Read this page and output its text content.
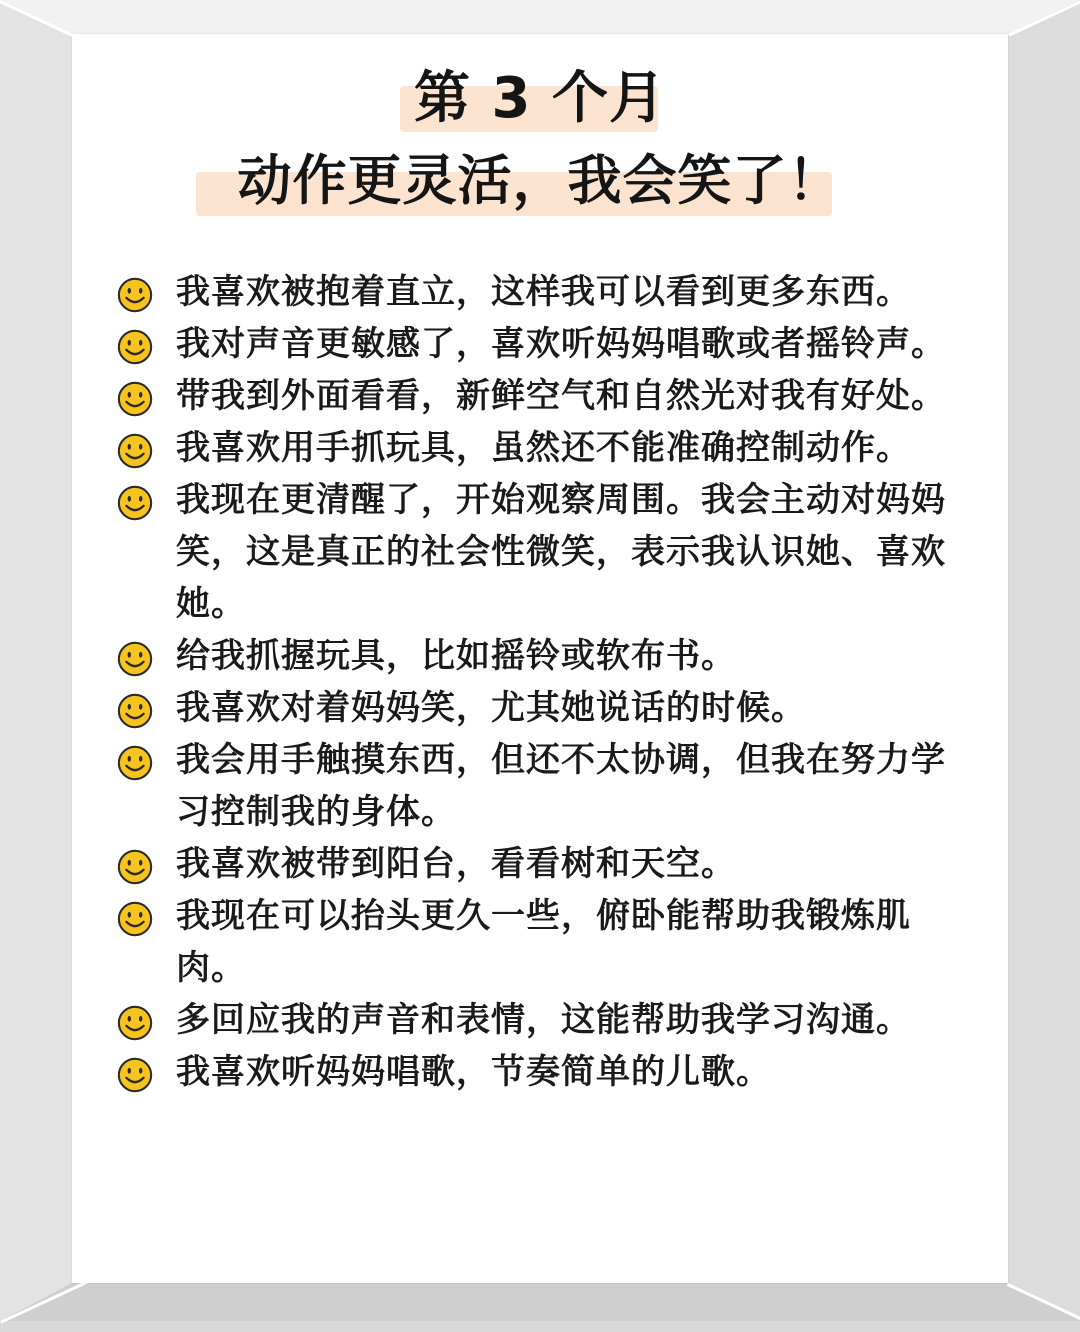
第 3 个月
动作更灵活，我会笑了！
我喜欢被抱着直立，这样我可以看到更多东西。
我对声音更敏感了，喜欢听妈妈唱歌或者摇铃声。
带我到外面看看，新鲜空气和自然光对我有好处。
我喜欢用手抓玩具，虽然还不能准确控制动作。
我现在更清醒了，开始观察周围。我会主动对妈妈笑，这是真正的社会性微笑，表示我认识她、喜欢她。
给我抓握玩具，比如摇铃或软布书。
我喜欢对着妈妈笑，尤其她说话的时候。
我会用手触摸东西，但还不太协调，但我在努力学习控制我的身体。
我喜欢被带到阳台，看看树和天空。
我现在可以抬头更久一些，俯卧能帮助我锻炼肌肉。
多回应我的声音和表情，这能帮助我学习沟通。
我喜欢听妈妈唱歌，节奏简单的儿歌。
